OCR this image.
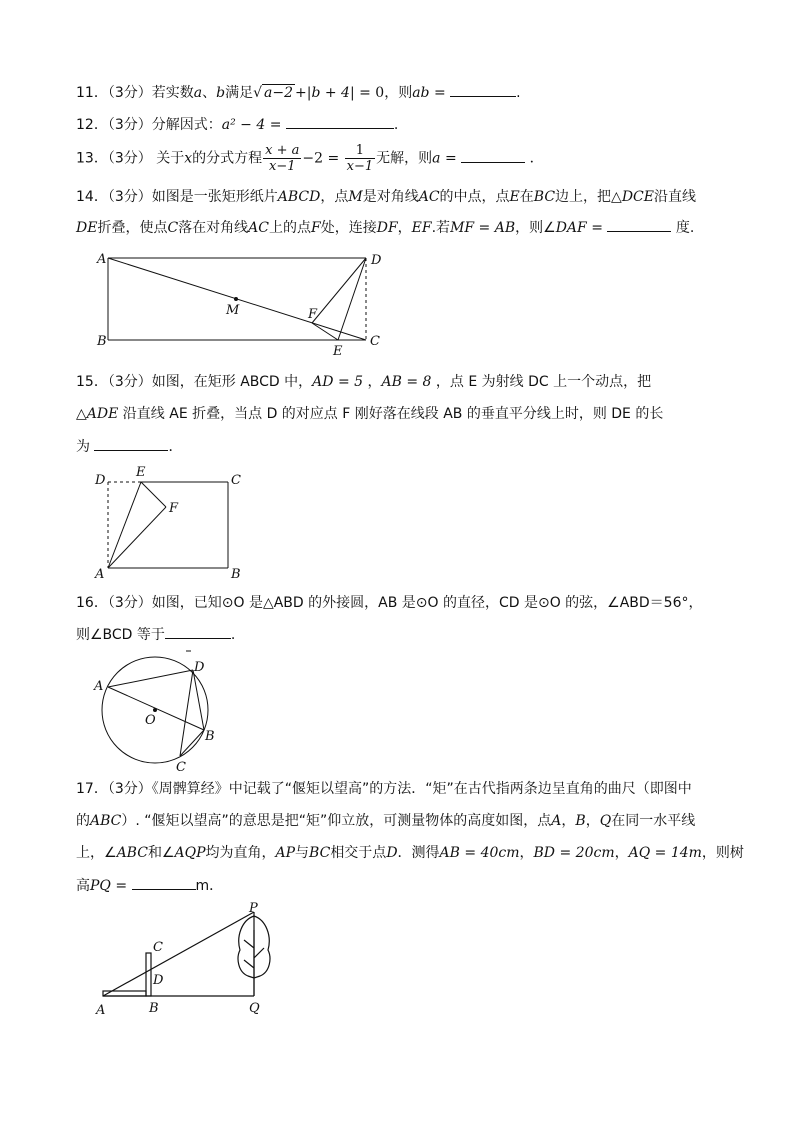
11．（3分）若实数a、b满足√ a−2 +|b + 4| = 0，则ab =	.
12．（3分）分解因式：a² − 4 =	.
13．（3分） 关于x的分式方程 $\frac{x + a}{x-1} -2 = \frac{1}{x-1}$ 无解，则a =	．
14．（3分）如图是一张矩形纸片ABCD，点M是对角线AC的中点，点E在BC边上，把△DCE沿直线
DE折叠，使点C落在对角线AC上的点F处，连接DF，EF.若MF = AB，则∠DAF =	度.
A
B	C
D
M	F
E
15．（3分）如图，在矩形 ABCD 中，AD = 5 ，AB = 8 ，点 E 为射线 DC 上一个动点，把
△ADE 沿直线 AE 折叠，当点 D 的对应点 F 刚好落在线段 AB 的垂直平分线上时，则 DE 的长
为	．
D
E
C
F
A	B
16．（3分）如图，已知⊙O 是△ABD 的外接圆，AB 是⊙O 的直径，CD 是⊙O 的弦，∠ABD＝56°，
则∠BCD 等于	.
A
D
O
B
C
17．（3分）《周髀算经》中记载了“偃矩以望高”的方法．“矩”在古代指两条边呈直角的曲尺（即图中
的ABC）. “偃矩以望高”的意思是把“矩”仰立放，可测量物体的高度如图，点A，B，Q在同一水平线
上，∠ABC和∠AQP均为直角，AP与BC相交于点D．测得AB = 40cm，BD = 20cm，AQ = 14m，则树
高PQ =	m．
P
C
D
A	B	Q
